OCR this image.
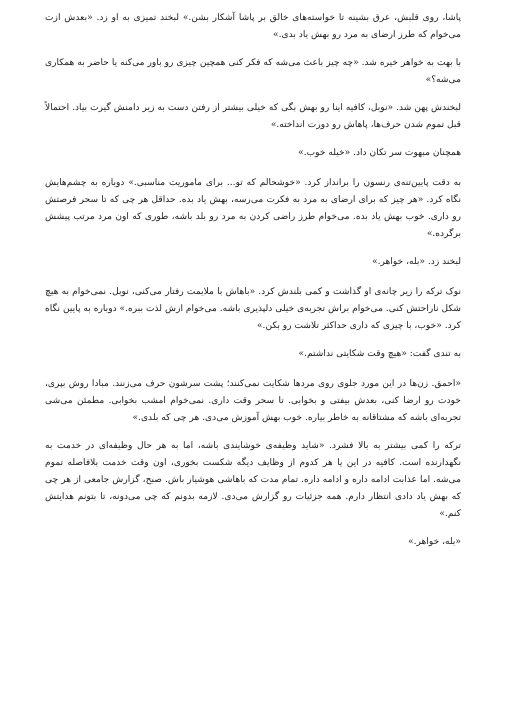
پاشا، روی قلبش، عرق بشینه تا خواسته‌های خالق بر پاشا آشکار بشن.» لبخند تمیزی به او زد. «بعدش ازت می‌خوام که طرز ارضای به مرد رو بهش یاد بدی.»

با بهت به خواهر خیره شد. «چه چیز باعث می‌شه که فکر کنی همچین چیزی رو باور می‌کنه یا حاضر به همکاری می‌شه؟»

لبخندش پهن شد. «نوبل، کافیه اینا رو بهش بگی که خیلی بیشتر از رفتن دست به زیر دامنش گیرت بیاد. احتمالاً قبل تموم شدن حرف‌ها، پاهاش رو دورت انداخته.»

همچنان مبهوت سر تکان داد. «خیله خوب.»

به دقت پایین‌تنه‌ی رنسون را برانداز کرد. «خوشحالم که تو... برای ماموریت مناسبی.» دوباره به چشم‌هایش نگاه کرد. «هر چیز که برای ارضای به مرد به فکرت می‌رسه، بهش یاد بده. حداقل هر چی که تا سحر فرصتش رو داری. خوب بهش یاد بده. می‌خوام طرز راضی کردن به مرد رو بلد باشه، طوری که اون مرد مرتب پیشش برگرده.»

لبخند زد. «بله، خواهر.»

نوک ترکه را زیر چانه‌ی او گذاشت و کمی بلندش کرد. «باهاش با ملایمت رفتار می‌کنی، نوبل. نمی‌خوام به هیچ شکل ناراحتش کنی. می‌خوام براش تجربه‌ی خیلی دلپذیری باشه. می‌خوام ازش لذت ببره.» دوباره به پایین نگاه کرد. «خوب، با چیزی که داری حداکثر تلاشت رو بکن.»

به تندی گفت: «هیچ وقت شکایتی نداشتم.»

«احمق. زن‌ها در این مورد جلوی روی مردها شکایت نمی‌کنند؛ پشت سرشون حرف می‌زنند. مبادا روش بپری، خودت رو ارضا کنی، بعدش بیفتی و بخوابی. تا سحر وقت داری. نمی‌خوام امشب بخوابی. مطمئن می‌شی تجربه‌ای باشه که مشتاقانه به خاطر بیاره. خوب بهش آموزش می‌دی. هر چی که بلدی.»

ترکه را کمی بیشتر به بالا فشرد. «شاید وظیفه‌ی خوشایندی باشه، اما به هر حال وظیفه‌ای در خدمت به نگهدارنده است. کافیه در این یا هر کدوم از وظایف دیگه شکست بخوری، اون وقت خدمت بلافاصله تموم می‌شه. اما عذابت ادامه داره و ادامه داره. تمام مدت که باهاشی هوشیار باش. صبح، گزارش جامعی از هر چی که بهش یاد دادی انتظار دارم. همه جزئیات رو گزارش می‌دی. لازمه بدونم که چی می‌دونه، تا بتونم هدایتش کنم.»

«بله، خواهر.»
